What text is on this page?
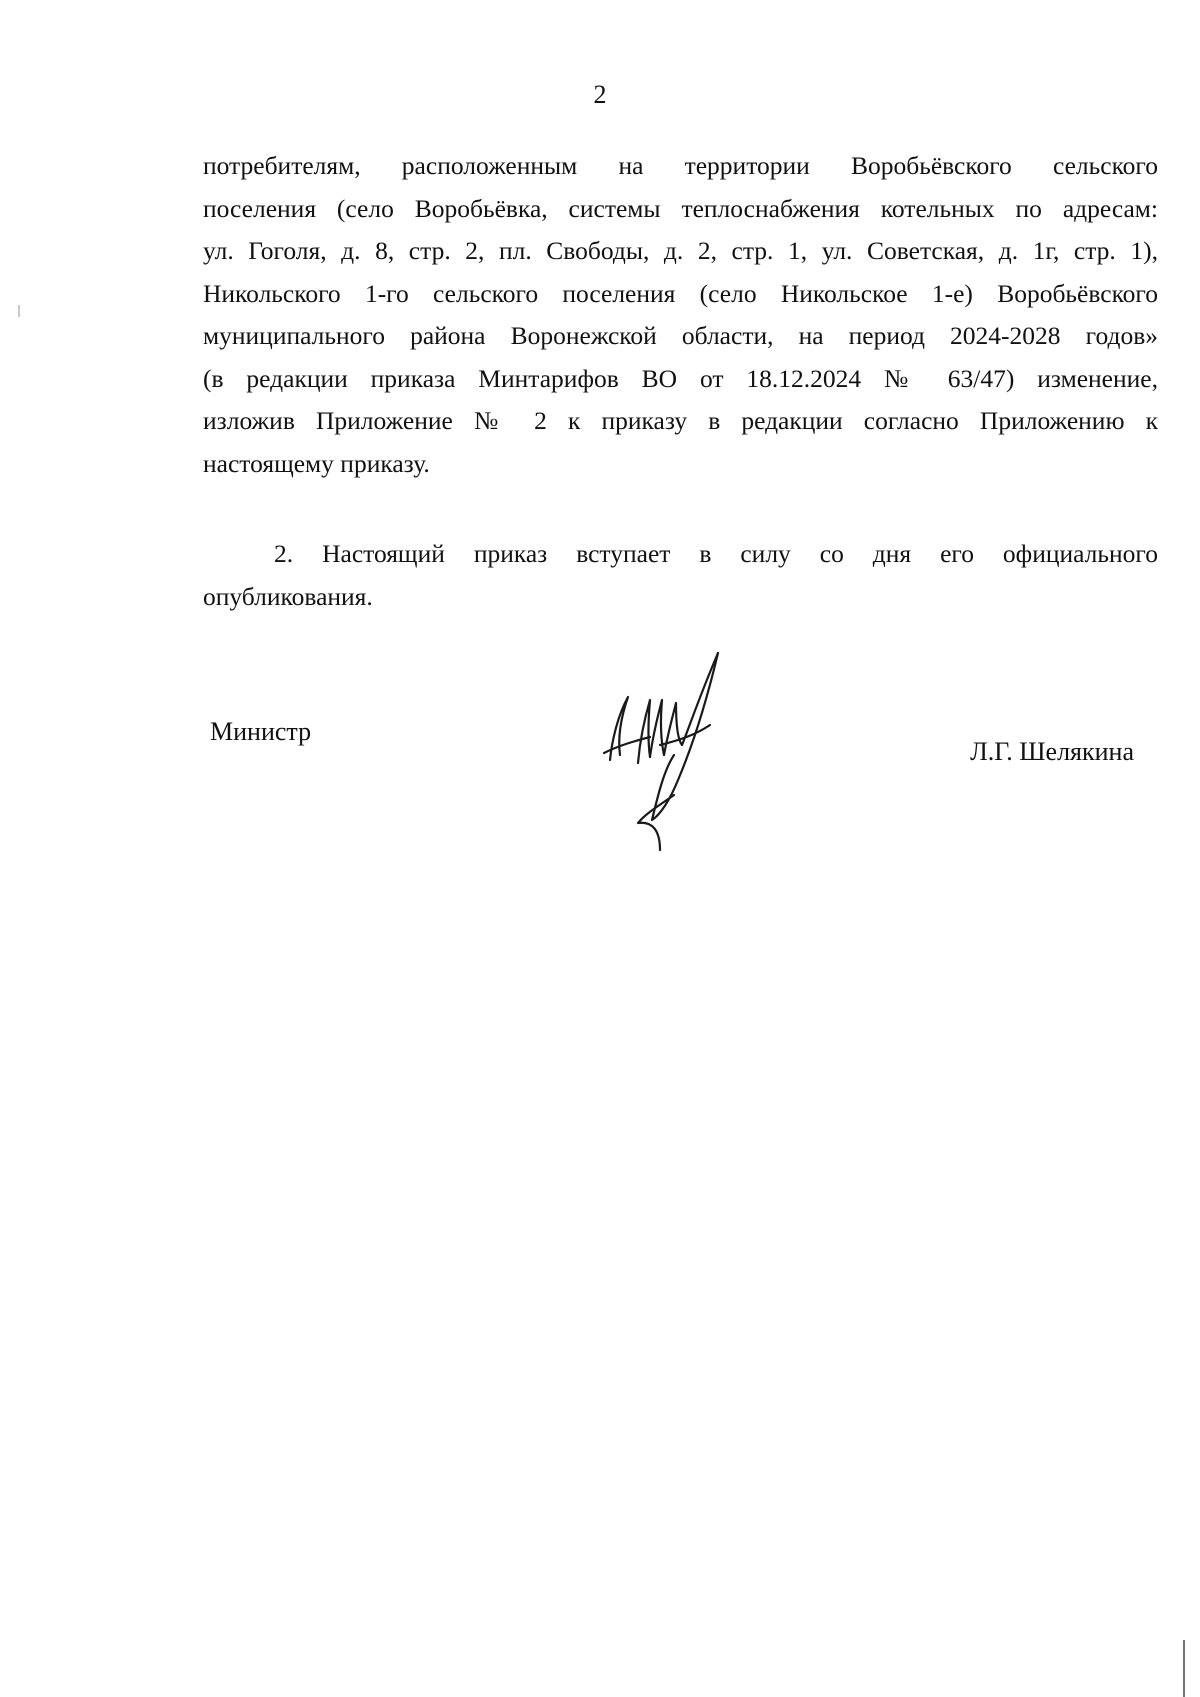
2
потребителям, расположенным на территории Воробьёвского сельского
поселения (село Воробьёвка, системы теплоснабжения котельных по адресам:
ул. Гоголя, д. 8, стр. 2, пл. Свободы, д. 2, стр. 1, ул. Советская, д. 1г, стр. 1),
Никольского 1-го сельского поселения (село Никольское 1-е) Воробьёвского
муниципального района Воронежской области, на период 2024-2028 годов»
(в редакции приказа Минтарифов ВО от 18.12.2024 № 63/47) изменение,
изложив Приложение № 2 к приказу в редакции согласно Приложению к
настоящему приказу.
2. Настоящий приказ вступает в силу со дня его официального
опубликования.
Министр
Л.Г. Шелякина
